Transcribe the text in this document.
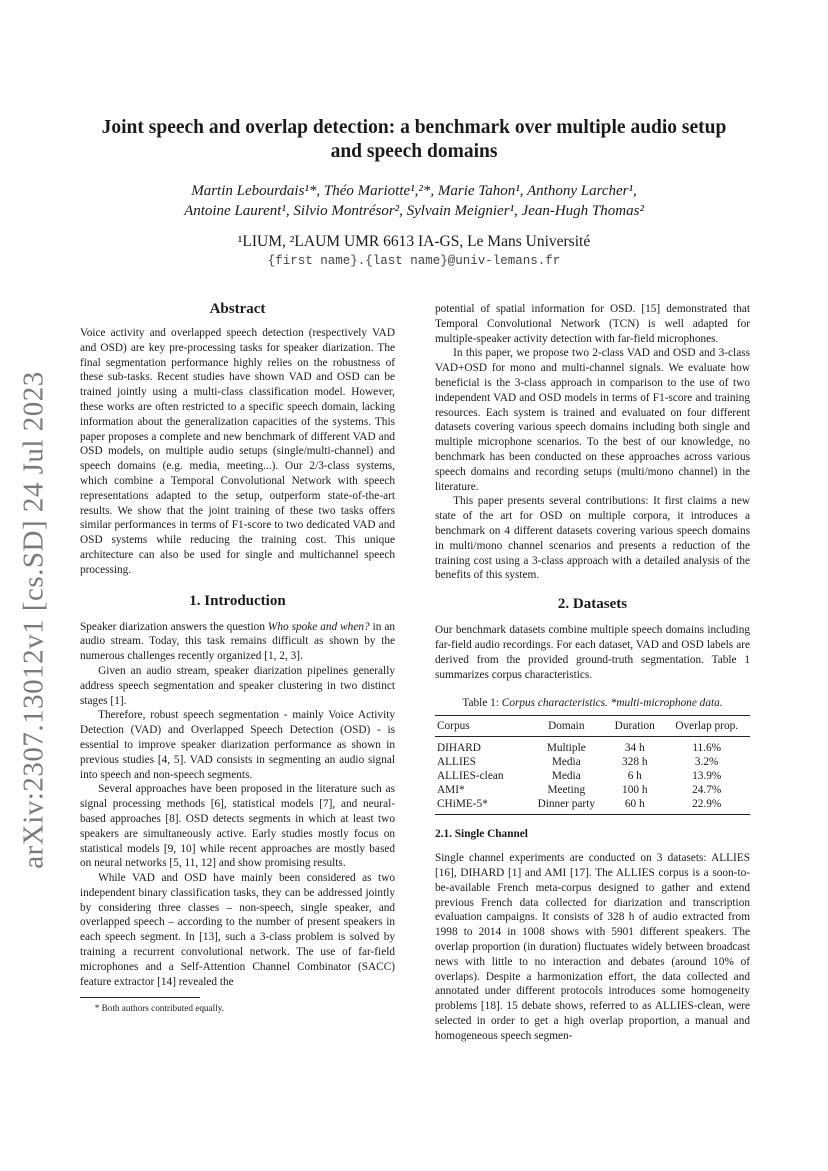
arXiv:2307.13012v1 [cs.SD] 24 Jul 2023
Joint speech and overlap detection: a benchmark over multiple audio setup
and speech domains
Martin Lebourdais¹*, Théo Mariotte¹,²*, Marie Tahon¹, Anthony Larcher¹,
Antoine Laurent¹, Silvio Montrésor², Sylvain Meignier¹, Jean-Hugh Thomas²
¹LIUM, ²LAUM UMR 6613 IA-GS, Le Mans Université
{first name}.{last name}@univ-lemans.fr
Abstract

Voice activity and overlapped speech detection (respectively VAD and OSD) are key pre-processing tasks for speaker diarization. The final segmentation performance highly relies on the robustness of these sub-tasks. Recent studies have shown VAD and OSD can be trained jointly using a multi-class classification model. However, these works are often restricted to a specific speech domain, lacking information about the generalization capacities of the systems. This paper proposes a complete and new benchmark of different VAD and OSD models, on multiple audio setups (single/multi-channel) and speech domains (e.g. media, meeting...). Our 2/3-class systems, which combine a Temporal Convolutional Network with speech representations adapted to the setup, outperform state-of-the-art results. We show that the joint training of these two tasks offers similar performances in terms of F1-score to two dedicated VAD and OSD systems while reducing the training cost. This unique architecture can also be used for single and multichannel speech processing.

1. Introduction

Speaker diarization answers the question Who spoke and when? in an audio stream. Today, this task remains difficult as shown by the numerous challenges recently organized [1, 2, 3].

Given an audio stream, speaker diarization pipelines generally address speech segmentation and speaker clustering in two distinct stages [1].

Therefore, robust speech segmentation - mainly Voice Activity Detection (VAD) and Overlapped Speech Detection (OSD) - is essential to improve speaker diarization performance as shown in previous studies [4, 5]. VAD consists in segmenting an audio signal into speech and non-speech segments.

Several approaches have been proposed in the literature such as signal processing methods [6], statistical models [7], and neural-based approaches [8]. OSD detects segments in which at least two speakers are simultaneously active. Early studies mostly focus on statistical models [9, 10] while recent approaches are mostly based on neural networks [5, 11, 12] and show promising results.

While VAD and OSD have mainly been considered as two independent binary classification tasks, they can be addressed jointly by considering three classes – non-speech, single speaker, and overlapped speech – according to the number of present speakers in each speech segment. In [13], such a 3-class problem is solved by training a recurrent convolutional network. The use of far-field microphones and a Self-Attention Channel Combinator (SACC) feature extractor [14] revealed the

* Both authors contributed equally.

potential of spatial information for OSD. [15] demonstrated that Temporal Convolutional Network (TCN) is well adapted for multiple-speaker activity detection with far-field microphones.

In this paper, we propose two 2-class VAD and OSD and 3-class VAD+OSD for mono and multi-channel signals. We evaluate how beneficial is the 3-class approach in comparison to the use of two independent VAD and OSD models in terms of F1-score and training resources. Each system is trained and evaluated on four different datasets covering various speech domains including both single and multiple microphone scenarios. To the best of our knowledge, no benchmark has been conducted on these approaches across various speech domains and recording setups (multi/mono channel) in the literature.

This paper presents several contributions: It first claims a new state of the art for OSD on multiple corpora, it introduces a benchmark on 4 different datasets covering various speech domains in multi/mono channel scenarios and presents a reduction of the training cost using a 3-class approach with a detailed analysis of the benefits of this system.

2. Datasets

Our benchmark datasets combine multiple speech domains including far-field audio recordings. For each dataset, VAD and OSD labels are derived from the provided ground-truth segmentation. Table 1 summarizes corpus characteristics.

Table 1: Corpus characteristics. *multi-microphone data.
Corpus	Domain	Duration	Overlap prop.
DIHARD	Multiple	34 h	11.6%
ALLIES	Media	328 h	3.2%
ALLIES-clean	Media	6 h	13.9%
AMI*	Meeting	100 h	24.7%
CHiME-5*	Dinner party	60 h	22.9%
2.1. Single Channel

Single channel experiments are conducted on 3 datasets: ALLIES [16], DIHARD [1] and AMI [17]. The ALLIES corpus is a soon-to-be-available French meta-corpus designed to gather and extend previous French data collected for diarization and transcription evaluation campaigns. It consists of 328 h of audio extracted from 1998 to 2014 in 1008 shows with 5901 different speakers. The overlap proportion (in duration) fluctuates widely between broadcast news with little to no interaction and debates (around 10% of overlaps). Despite a harmonization effort, the data collected and annotated under different protocols introduces some homogeneity problems [18]. 15 debate shows, referred to as ALLIES-clean, were selected in order to get a high overlap proportion, a manual and homogeneous speech segmen-
